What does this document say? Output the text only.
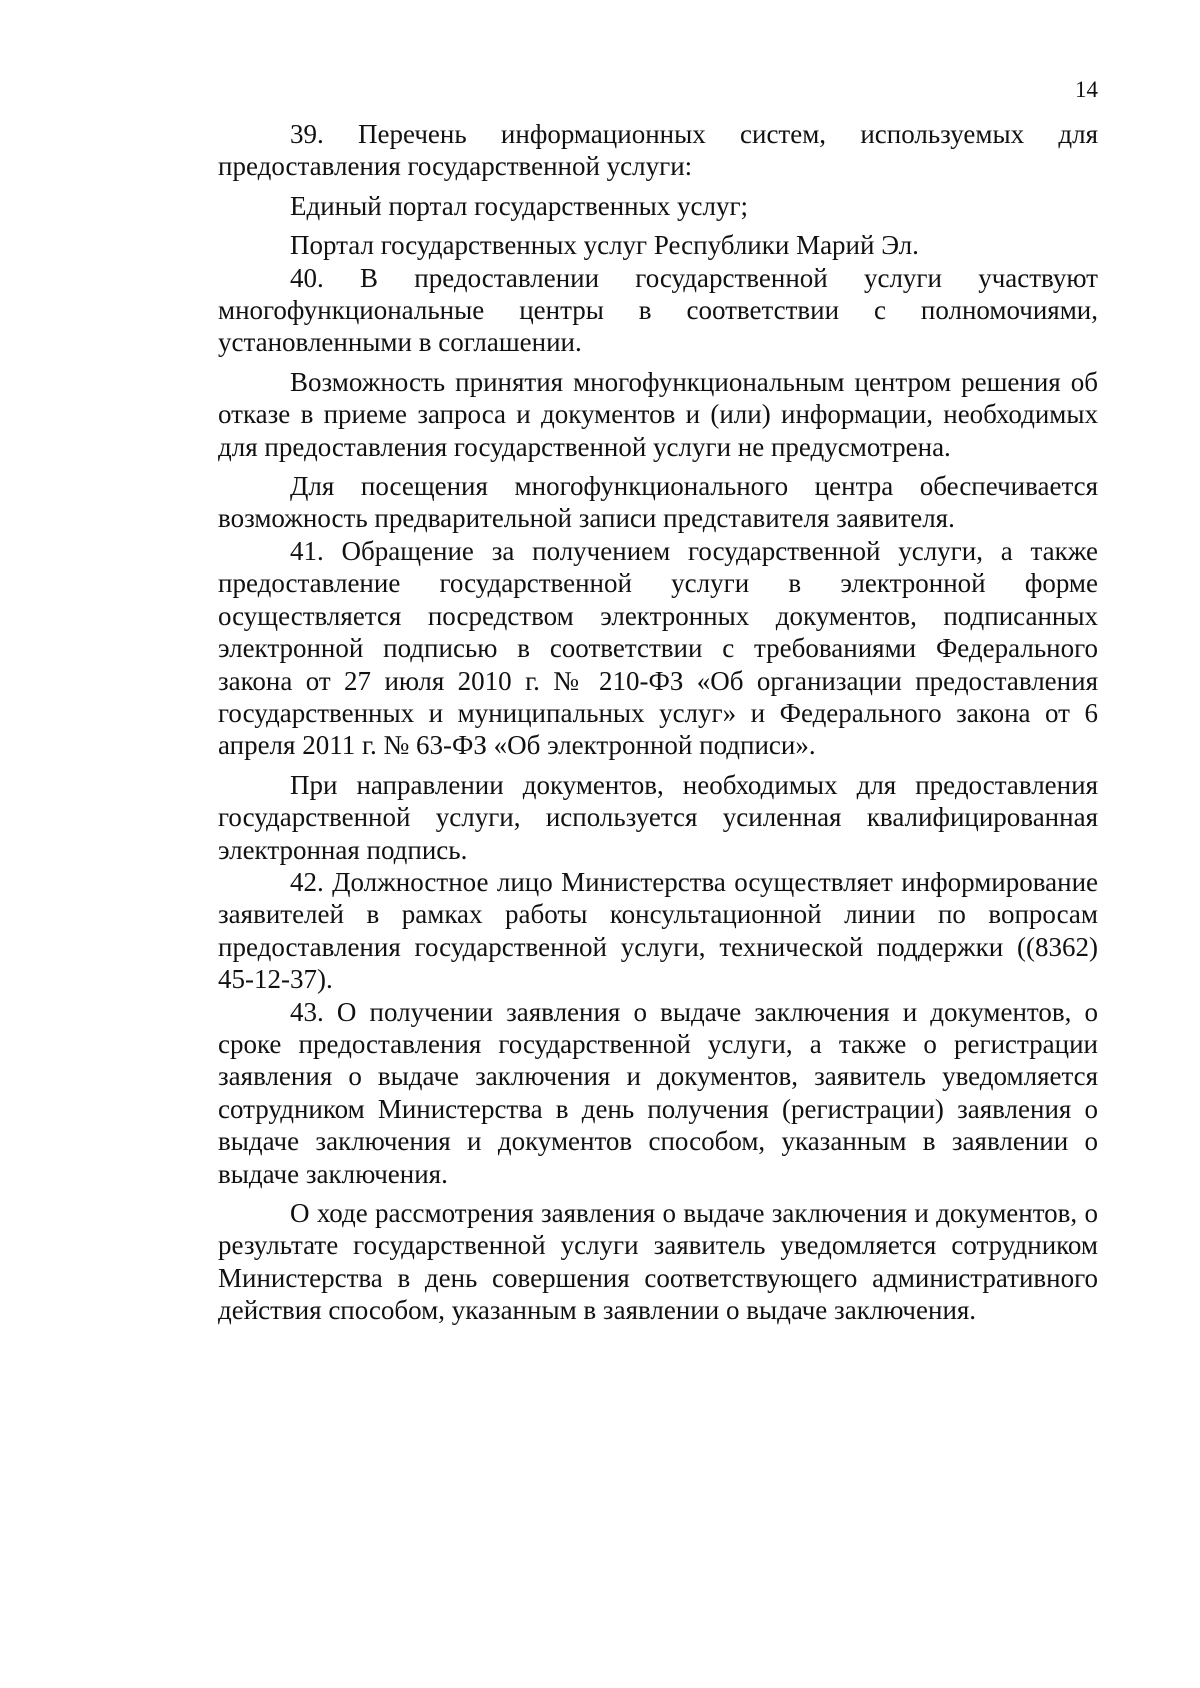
14

39. Перечень информационных систем, используемых для предоставления государственной услуги:

Единый портал государственных услуг;

Портал государственных услуг Республики Марий Эл.

40. В предоставлении государственной услуги участвуют многофункциональные центры в соответствии с полномочиями, установленными в соглашении.

Возможность принятия многофункциональным центром решения об отказе в приеме запроса и документов и (или) информации, необходимых для предоставления государственной услуги не предусмотрена.

Для посещения многофункционального центра обеспечивается возможность предварительной записи представителя заявителя.

41. Обращение за получением государственной услуги, а также предоставление государственной услуги в электронной форме осуществляется посредством электронных документов, подписанных электронной подписью в соответствии с требованиями Федерального закона от 27 июля 2010 г. № 210-ФЗ «Об организации предоставления государственных и муниципальных услуг» и Федерального закона от 6 апреля 2011 г. № 63-ФЗ «Об электронной подписи».

При направлении документов, необходимых для предоставления государственной услуги, используется усиленная квалифицированная электронная подпись.

42. Должностное лицо Министерства осуществляет информирование заявителей в рамках работы консультационной линии по вопросам предоставления государственной услуги, технической поддержки ((8362) 45-12-37).

43. О получении заявления о выдаче заключения и документов, о сроке предоставления государственной услуги, а также о регистрации заявления о выдаче заключения и документов, заявитель уведомляется сотрудником Министерства в день получения (регистрации) заявления о выдаче заключения и документов способом, указанным в заявлении о выдаче заключения.

О ходе рассмотрения заявления о выдаче заключения и документов, о результате государственной услуги заявитель уведомляется сотрудником Министерства в день совершения соответствующего административного действия способом, указанным в заявлении о выдаче заключения.
